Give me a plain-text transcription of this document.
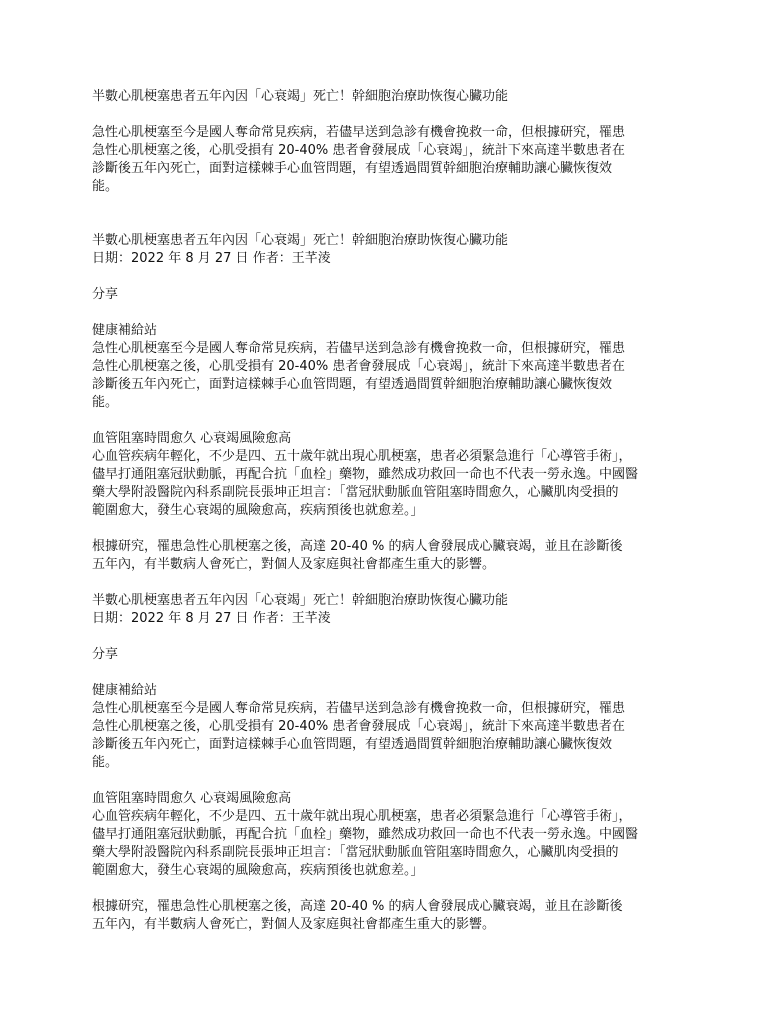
半數心肌梗塞患者五年內因「心衰竭」死亡！幹細胞治療助恢復心臟功能

急性心肌梗塞至今是國人奪命常見疾病，若儘早送到急診有機會挽救一命，但根據研究，罹患
急性心肌梗塞之後，心肌受損有 20-40% 患者會發展成「心衰竭」，統計下來高達半數患者在
診斷後五年內死亡，面對這樣棘手心血管問題，有望透過間質幹細胞治療輔助讓心臟恢復效
能。

半數心肌梗塞患者五年內因「心衰竭」死亡！幹細胞治療助恢復心臟功能

日期：2022 年 8 月 27 日 作者：王芊淩

分享

健康補給站

急性心肌梗塞至今是國人奪命常見疾病，若儘早送到急診有機會挽救一命，但根據研究，罹患
急性心肌梗塞之後，心肌受損有 20-40% 患者會發展成「心衰竭」，統計下來高達半數患者在
診斷後五年內死亡，面對這樣棘手心血管問題，有望透過間質幹細胞治療輔助讓心臟恢復效
能。

血管阻塞時間愈久 心衰竭風險愈高

心血管疾病年輕化，不少是四、五十歲年就出現心肌梗塞，患者必須緊急進行「心導管手術」，
儘早打通阻塞冠狀動脈，再配合抗「血栓」藥物，雖然成功救回一命也不代表一勞永逸。中國醫
藥大學附設醫院內科系副院長張坤正坦言：「當冠狀動脈血管阻塞時間愈久，心臟肌肉受損的
範圍愈大，發生心衰竭的風險愈高，疾病預後也就愈差。」

根據研究，罹患急性心肌梗塞之後，高達 20-40 % 的病人會發展成心臟衰竭，並且在診斷後
五年內，有半數病人會死亡，對個人及家庭與社會都產生重大的影響。

半數心肌梗塞患者五年內因「心衰竭」死亡！幹細胞治療助恢復心臟功能

日期：2022 年 8 月 27 日 作者：王芊淩

分享

健康補給站

急性心肌梗塞至今是國人奪命常見疾病，若儘早送到急診有機會挽救一命，但根據研究，罹患
急性心肌梗塞之後，心肌受損有 20-40% 患者會發展成「心衰竭」，統計下來高達半數患者在
診斷後五年內死亡，面對這樣棘手心血管問題，有望透過間質幹細胞治療輔助讓心臟恢復效
能。

血管阻塞時間愈久 心衰竭風險愈高

心血管疾病年輕化，不少是四、五十歲年就出現心肌梗塞，患者必須緊急進行「心導管手術」，
儘早打通阻塞冠狀動脈，再配合抗「血栓」藥物，雖然成功救回一命也不代表一勞永逸。中國醫
藥大學附設醫院內科系副院長張坤正坦言：「當冠狀動脈血管阻塞時間愈久，心臟肌肉受損的
範圍愈大，發生心衰竭的風險愈高，疾病預後也就愈差。」

根據研究，罹患急性心肌梗塞之後，高達 20-40 % 的病人會發展成心臟衰竭，並且在診斷後
五年內，有半數病人會死亡，對個人及家庭與社會都產生重大的影響。
